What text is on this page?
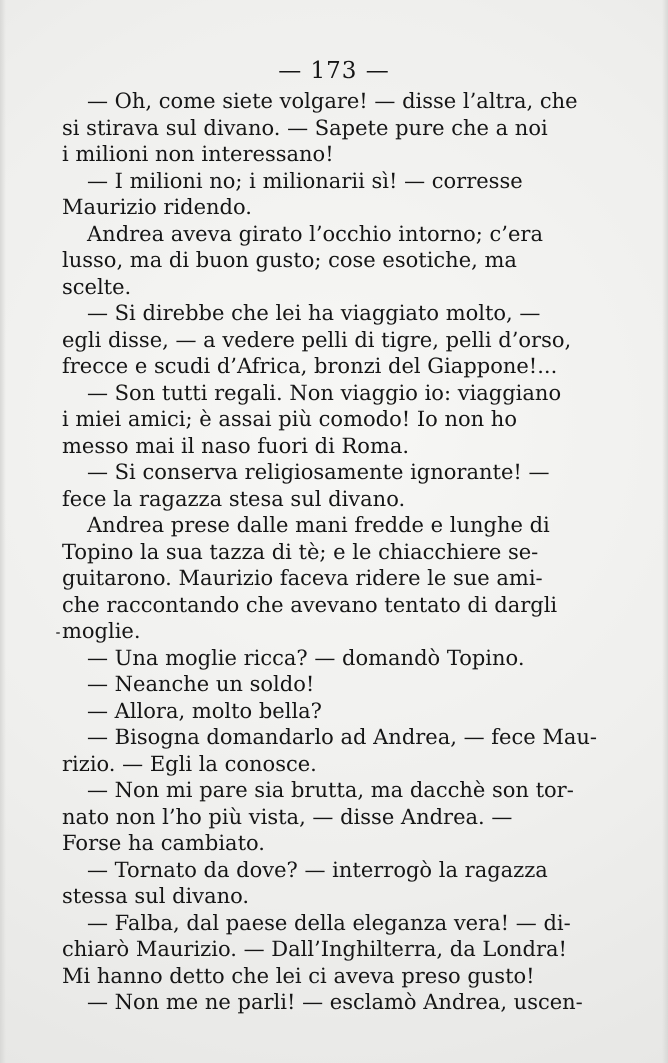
— 173 —
— Oh, come siete volgare! — disse l’altra, che
si stirava sul divano. — Sapete pure che a noi
i milioni non interessano!
— I milioni no; i milionarii sì! — corresse
Maurizio ridendo.
Andrea aveva girato l’occhio intorno; c’era
lusso, ma di buon gusto; cose esotiche, ma
scelte.
— Si direbbe che lei ha viaggiato molto, —
egli disse, — a vedere pelli di tigre, pelli d’orso,
frecce e scudi d’Africa, bronzi del Giappone!...
— Son tutti regali. Non viaggio io: viaggiano
i miei amici; è assai più comodo! Io non ho
messo mai il naso fuori di Roma.
— Si conserva religiosamente ignorante! —
fece la ragazza stesa sul divano.
Andrea prese dalle mani fredde e lunghe di
Topino la sua tazza di tè; e le chiacchiere se-
guitarono. Maurizio faceva ridere le sue ami-
che raccontando che avevano tentato di dargli
moglie.
— Una moglie ricca? — domandò Topino.
— Neanche un soldo!
— Allora, molto bella?
— Bisogna domandarlo ad Andrea, — fece Mau-
rizio. — Egli la conosce.
— Non mi pare sia brutta, ma dacchè son tor-
nato non l’ho più vista, — disse Andrea. —
Forse ha cambiato.
— Tornato da dove? — interrogò la ragazza
stessa sul divano.
— Falba, dal paese della eleganza vera! — di-
chiarò Maurizio. — Dall’Inghilterra, da Londra!
Mi hanno detto che lei ci aveva preso gusto!
— Non me ne parli! — esclamò Andrea, uscen-
